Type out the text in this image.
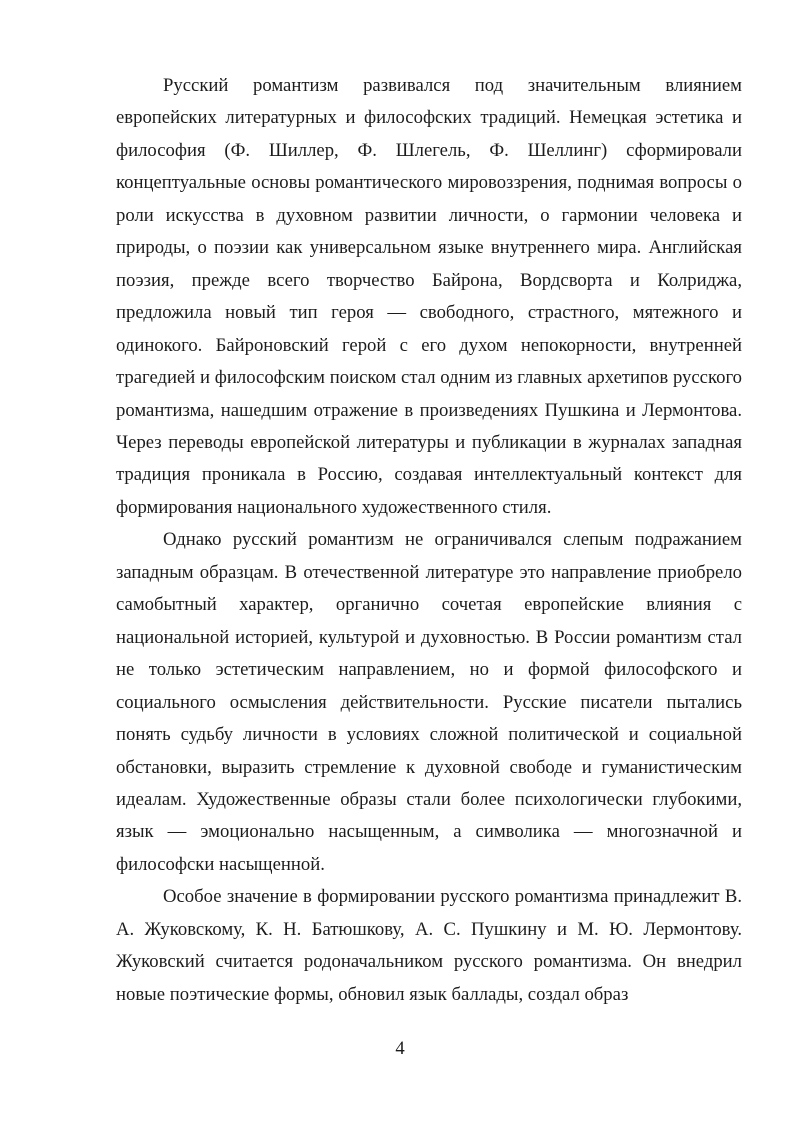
Русский романтизм развивался под значительным влиянием европейских литературных и философских традиций. Немецкая эстетика и философия (Ф. Шиллер, Ф. Шлегель, Ф. Шеллинг) сформировали концептуальные основы романтического мировоззрения, поднимая вопросы о роли искусства в духовном развитии личности, о гармонии человека и природы, о поэзии как универсальном языке внутреннего мира. Английская поэзия, прежде всего творчество Байрона, Вордсворта и Колриджа, предложила новый тип героя — свободного, страстного, мятежного и одинокого. Байроновский герой с его духом непокорности, внутренней трагедией и философским поиском стал одним из главных архетипов русского романтизма, нашедшим отражение в произведениях Пушкина и Лермонтова. Через переводы европейской литературы и публикации в журналах западная традиция проникала в Россию, создавая интеллектуальный контекст для формирования национального художественного стиля.

Однако русский романтизм не ограничивался слепым подражанием западным образцам. В отечественной литературе это направление приобрело самобытный характер, органично сочетая европейские влияния с национальной историей, культурой и духовностью. В России романтизм стал не только эстетическим направлением, но и формой философского и социального осмысления действительности. Русские писатели пытались понять судьбу личности в условиях сложной политической и социальной обстановки, выразить стремление к духовной свободе и гуманистическим идеалам. Художественные образы стали более психологически глубокими, язык — эмоционально насыщенным, а символика — многозначной и философски насыщенной.

Особое значение в формировании русского романтизма принадлежит В. А. Жуковскому, К. Н. Батюшкову, А. С. Пушкину и М. Ю. Лермонтову. Жуковский считается родоначальником русского романтизма. Он внедрил новые поэтические формы, обновил язык баллады, создал образ

4
